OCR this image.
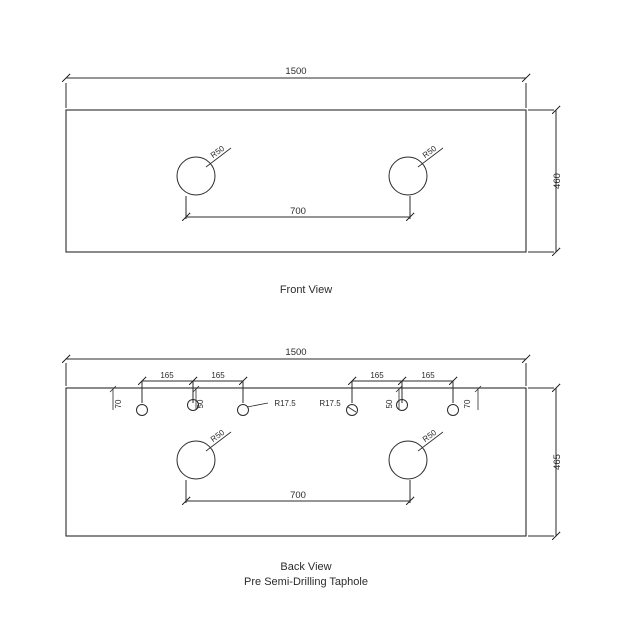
1500
460
R50	R50
700
Front View
1500
465
165	165	165	165
70	50	50	70
R17.5	R17.5
R50	R50
700
Back View
Pre Semi-Drilling Taphole
